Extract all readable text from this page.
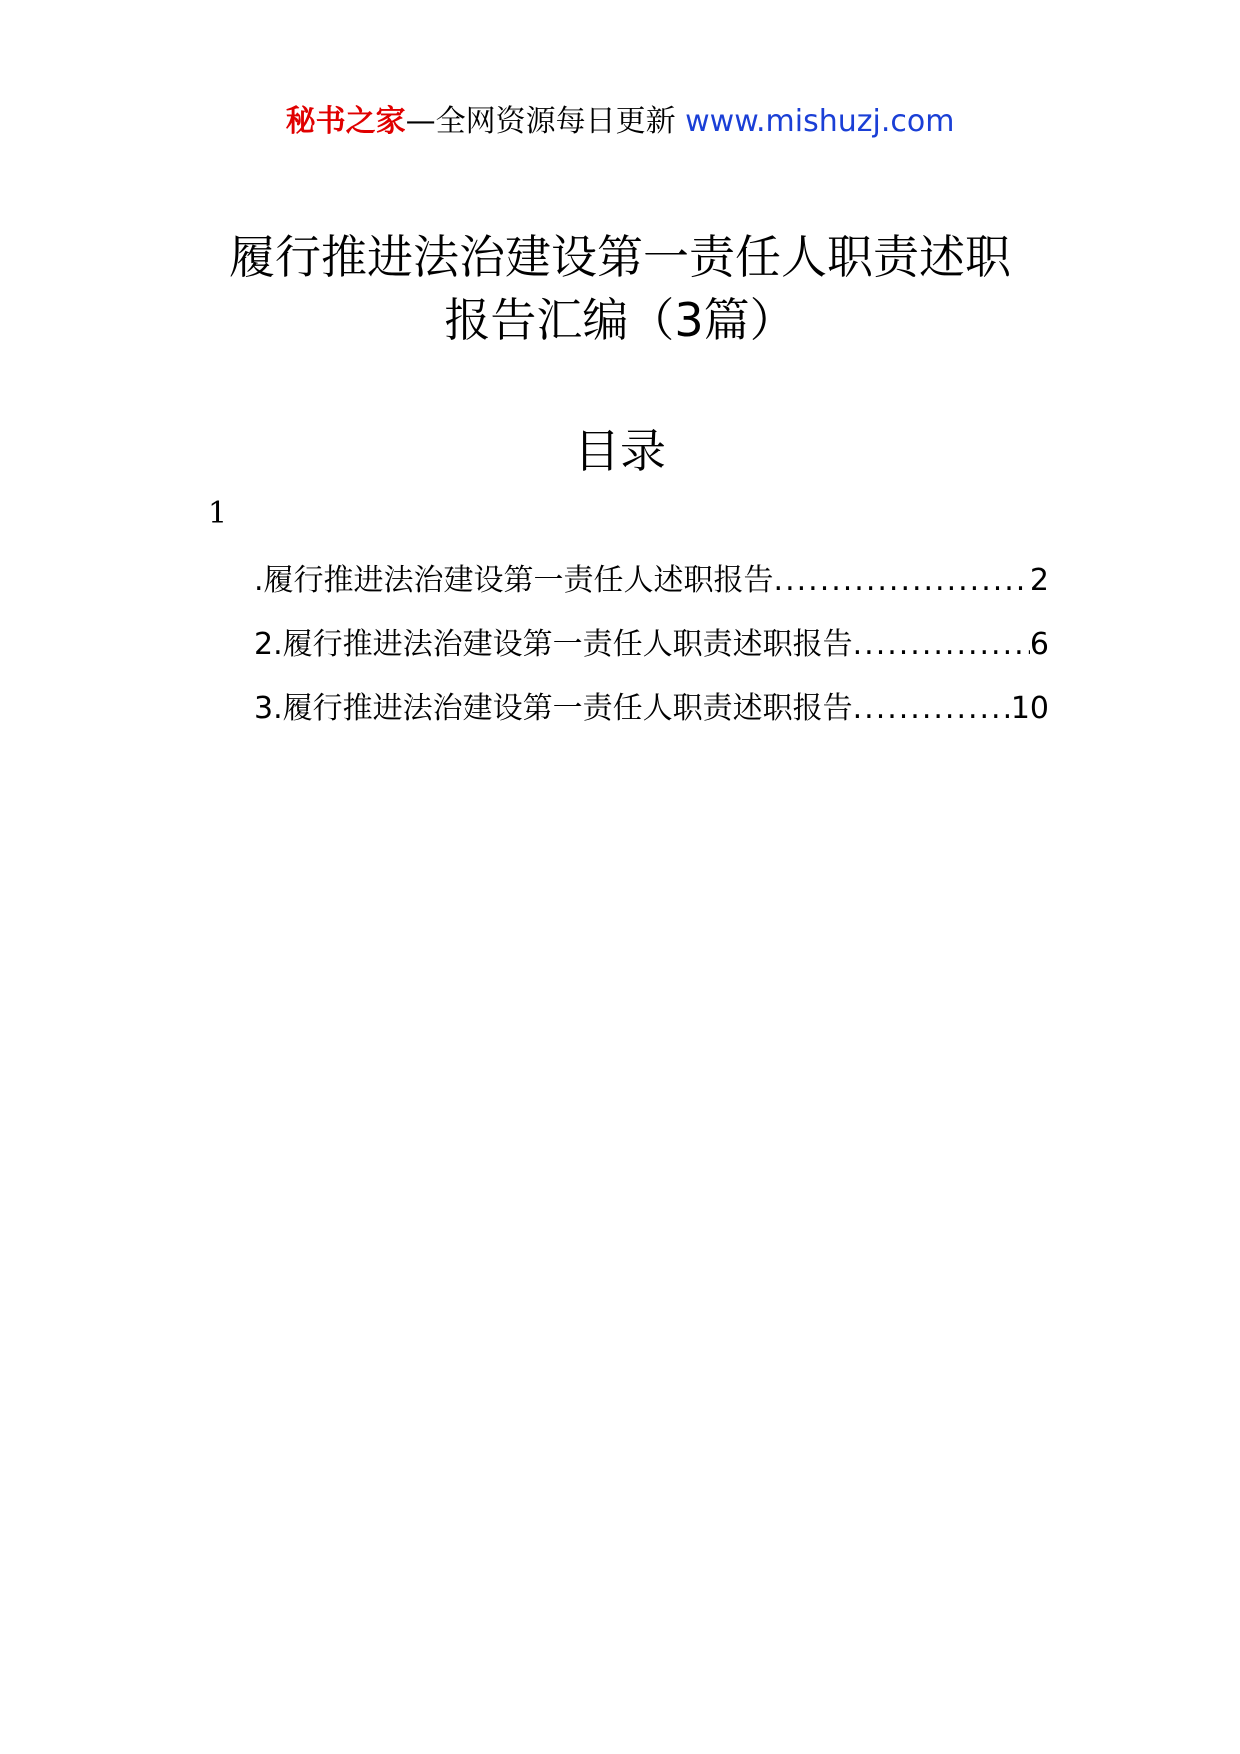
秘书之家—全网资源每日更新 www.mishuzj.com
履行推进法治建设第一责任人职责述职
报告汇编（3篇）
目录
1
.履行推进法治建设第一责任人述职报告 .....	2
2.履行推进法治建设第一责任人职责述职报告 .....	6
3.履行推进法治建设第一责任人职责述职报告 .....	10
